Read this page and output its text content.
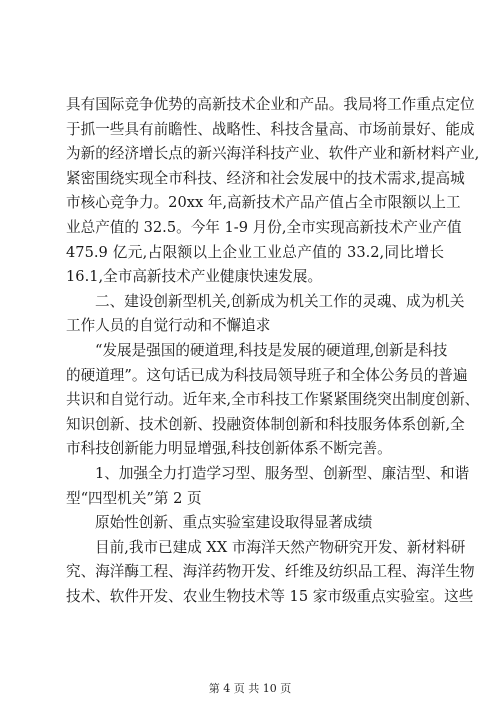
具有国际竞争优势的高新技术企业和产品。我局将工作重点定位
于抓一些具有前瞻性、战略性、科技含量高、市场前景好、能成
为新的经济增长点的新兴海洋科技产业、软件产业和新材料产业,
紧密围绕实现全市科技、经济和社会发展中的技术需求,提高城
市核心竞争力。20xx 年,高新技术产品产值占全市限额以上工
业总产值的 32.5。今年 1-9 月份,全市实现高新技术产业产值
475.9 亿元,占限额以上企业工业总产值的 33.2,同比增长
16.1,全市高新技术产业健康快速发展。
二、建设创新型机关,创新成为机关工作的灵魂、成为机关
工作人员的自觉行动和不懈追求
“发展是强国的硬道理,科技是发展的硬道理,创新是科技
的硬道理”。这句话已成为科技局领导班子和全体公务员的普遍
共识和自觉行动。近年来,全市科技工作紧紧围绕突出制度创新、
知识创新、技术创新、投融资体制创新和科技服务体系创新,全
市科技创新能力明显增强,科技创新体系不断完善。
1、加强全力打造学习型、服务型、创新型、廉洁型、和谐
型“四型机关”第 2 页
原始性创新、重点实验室建设取得显著成绩
目前,我市已建成 XX 市海洋天然产物研究开发、新材料研
究、海洋酶工程、海洋药物开发、纤维及纺织品工程、海洋生物
技术、软件开发、农业生物技术等 15 家市级重点实验室。这些
第 4 页 共 10 页
